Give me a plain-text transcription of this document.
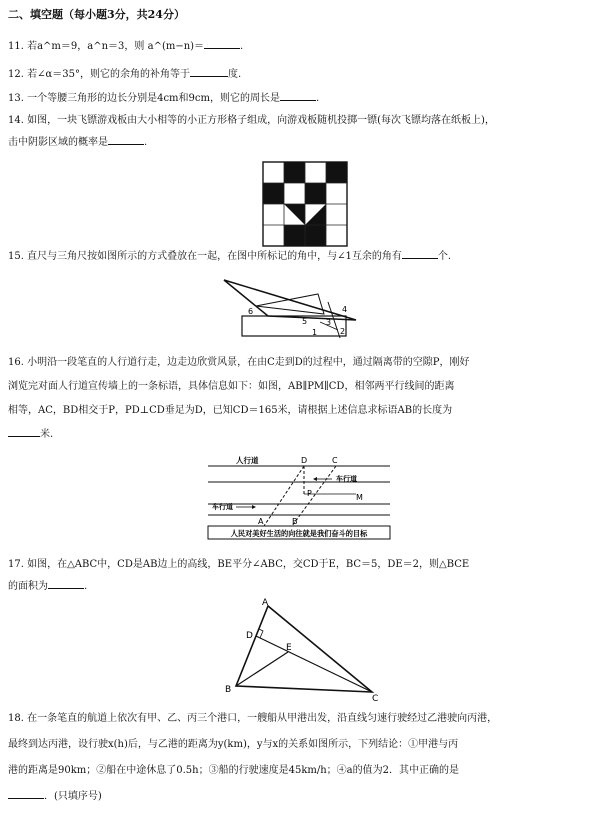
二、填空题（每小题3分，共24分）
11. 若a^m＝9，a^n＝3，则 a^(m−n)＝	.
12. 若∠α＝35°，则它的余角的补角等于	度.
13. 一个等腰三角形的边长分别是4cm和9cm，则它的周长是	.
14. 如图，一块飞镖游戏板由大小相等的小正方形格子组成，向游戏板随机投掷一镖(每次飞镖均落在纸板上)，
击中阴影区域的概率是	.
15. 直尺与三角尺按如图所示的方式叠放在一起，在图中所标记的角中，与∠1互余的角有	个.
6
5 3
1	2
4
16. 小明沿一段笔直的人行道行走，边走边欣赏风景，在由C走到D的过程中，通过隔离带的空隙P，刚好
浏览完对面人行道宣传墙上的一条标语，具体信息如下：如图，AB∥PM∥CD，相邻两平行线间的距离
相等，AC，BD相交于P，PD⊥CD垂足为D，已知CD＝165米，请根据上述信息求标语AB的长度为
米.
人行道
车行道
车行道
D	C
P	M
A	B
人民对美好生活的向往就是我们奋斗的目标
17. 如图，在△ABC中，CD是AB边上的高线，BE平分∠ABC，交CD于E，BC＝5，DE＝2，则△BCE
的面积为	.
A
D
E
B
C
18. 在一条笔直的航道上依次有甲、乙、丙三个港口，一艘船从甲港出发，沿直线匀速行驶经过乙港驶向丙港，
最终到达丙港，设行驶x(h)后，与乙港的距离为y(km)，y与x的关系如图所示，下列结论：①甲港与丙
港的距离是90km；②船在中途休息了0.5h；③船的行驶速度是45km/h；④a的值为2．其中正确的是
．(只填序号)
